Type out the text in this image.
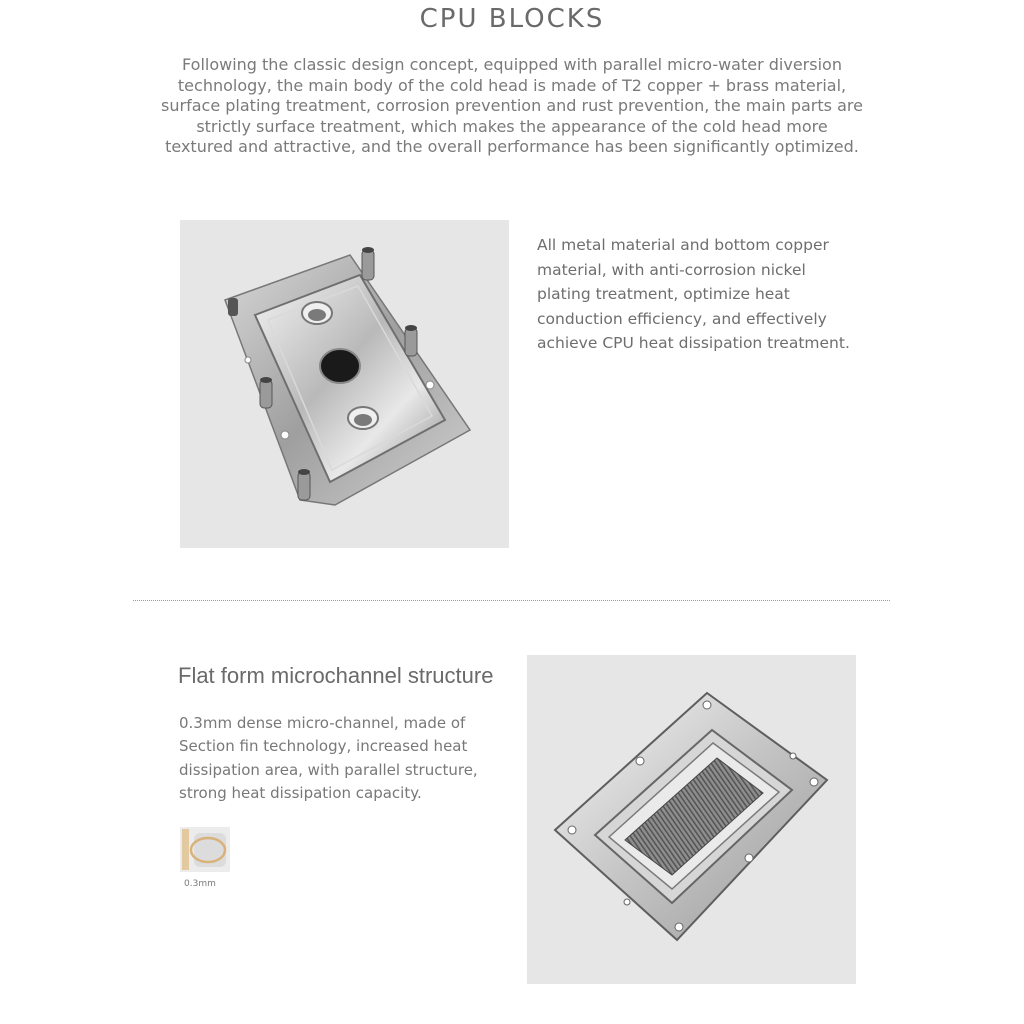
CPU BLOCKS
Following the classic design concept, equipped with parallel micro-water diversion technology, the main body of the cold head is made of T2 copper + brass material, surface plating treatment, corrosion prevention and rust prevention, the main parts are strictly surface treatment, which makes the appearance of the cold head more textured and attractive, and the overall performance has been significantly optimized.
All metal material and bottom copper material, with anti-corrosion nickel plating treatment, optimize heat conduction efficiency, and effectively achieve CPU heat dissipation treatment.
Flat form microchannel structure
0.3mm dense micro-channel, made of Section fin technology, increased heat dissipation area, with parallel structure, strong heat dissipation capacity.
0.3mm
